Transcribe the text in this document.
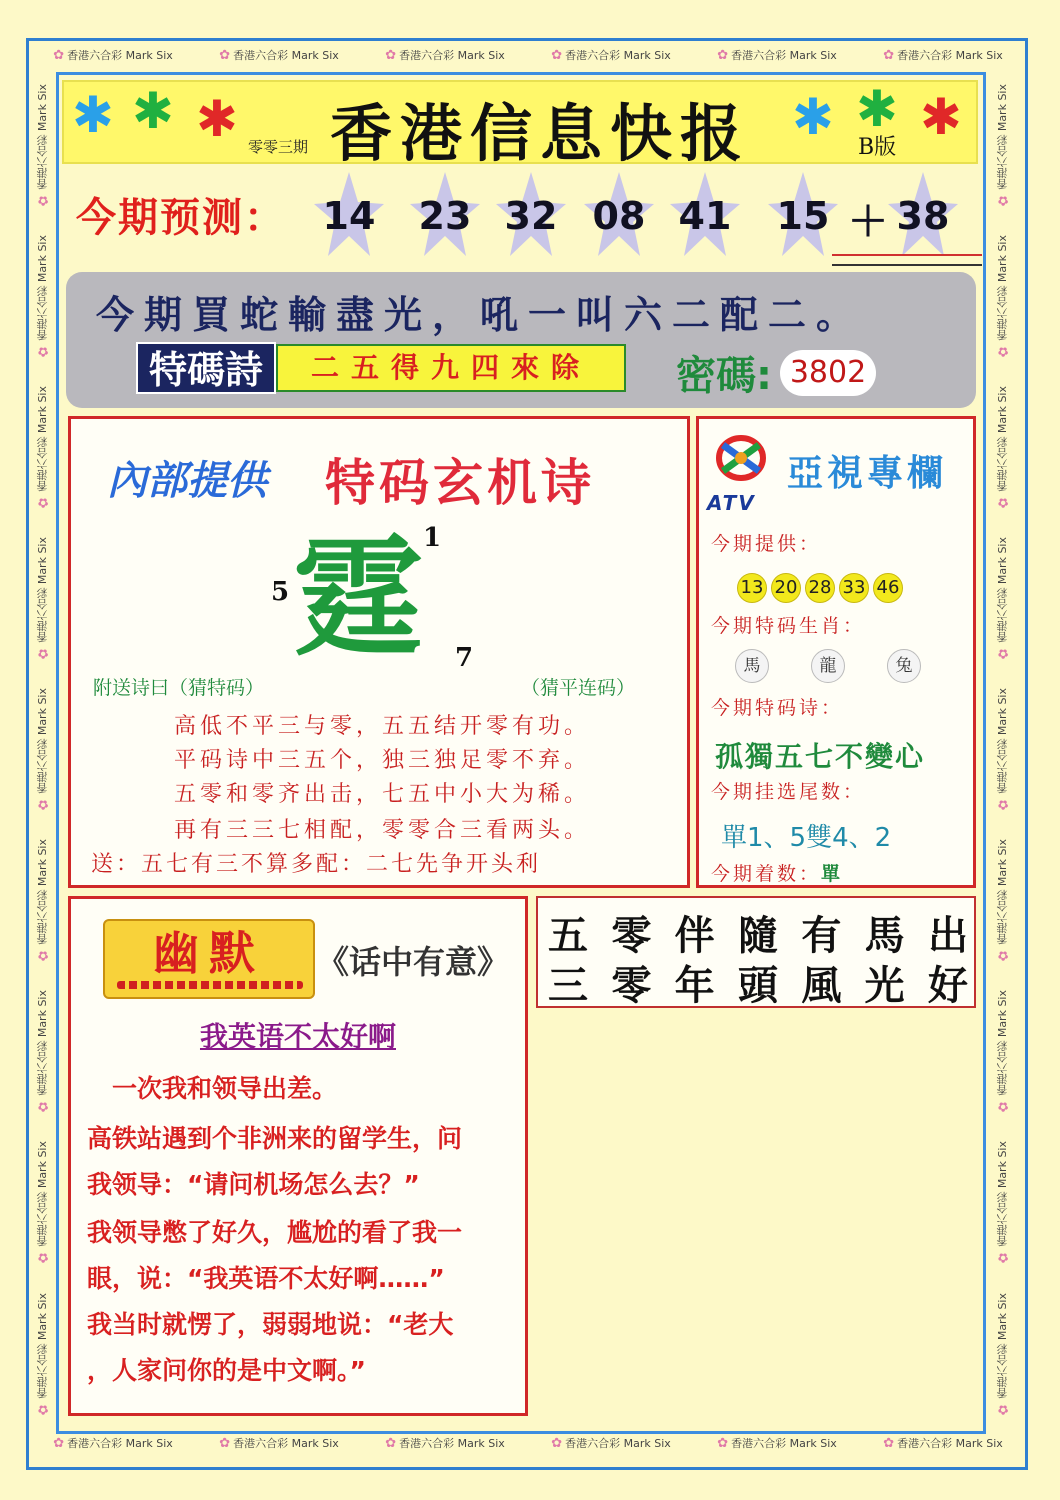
✿ 香港六合彩 Mark Six	✿ 香港六合彩 Mark Six	✿ 香港六合彩 Mark Six	✿ 香港六合彩 Mark Six	✿ 香港六合彩 Mark Six	✿ 香港六合彩 Mark Six
✿ 香港六合彩 Mark Six	✿ 香港六合彩 Mark Six	✿ 香港六合彩 Mark Six	✿ 香港六合彩 Mark Six	✿ 香港六合彩 Mark Six	✿ 香港六合彩 Mark Six
✿
香港六合彩 Mark Six
✿
香港六合彩 Mark Six
✿
香港六合彩 Mark Six
✿
香港六合彩 Mark Six
✿
香港六合彩 Mark Six
✿
香港六合彩 Mark Six
✿
香港六合彩 Mark Six
✿
香港六合彩 Mark Six
✿
香港六合彩 Mark Six
✿
香港六合彩 Mark Six
✿
香港六合彩 Mark Six
✿
香港六合彩 Mark Six
✿
香港六合彩 Mark Six
✿
香港六合彩 Mark Six
✿
香港六合彩 Mark Six
✿
香港六合彩 Mark Six
✿
香港六合彩 Mark Six
✿
香港六合彩 Mark Six
✱ ✱ ✱ 零零三期 香港信息快报 ✱ ✱ ✱
B版
今期预测： 14 23 32 08 41 15 ＋ 38
今期買蛇輸盡光，吼一叫六二配二。
特碼詩	二五得九四來除	密碼: 3802
內部提供 特码玄机诗
霆 1
5
7
附送诗曰（猜特码）	（猜平连码）
高低不平三与零，五五结开零有功。
平码诗中三五个，独三独足零不弃。
五零和零齐出击，七五中小大为稀。
再有三三七相配，零零合三看两头。
送：五七有三不算多配：二七先争开头利
ATV
亞視專欄
今期提供：
13 20 28 33 46
今期特码生肖：
馬	龍	兔
今期特码诗：
孤獨五七不變心
今期挂选尾数：
單1、5雙4、2
今期着数：單
幽默	《话中有意》
我英语不太好啊
　一次我和领导出差。
高铁站遇到个非洲来的留学生，问
我领导：“请问机场怎么去？”
我领导憋了好久，尴尬的看了我一
眼，说：“我英语不太好啊……”
我当时就愣了，弱弱地说：“老大
，人家问你的是中文啊。”
五 零 伴 隨 有 馬 出
三 零 年 頭 風 光 好
